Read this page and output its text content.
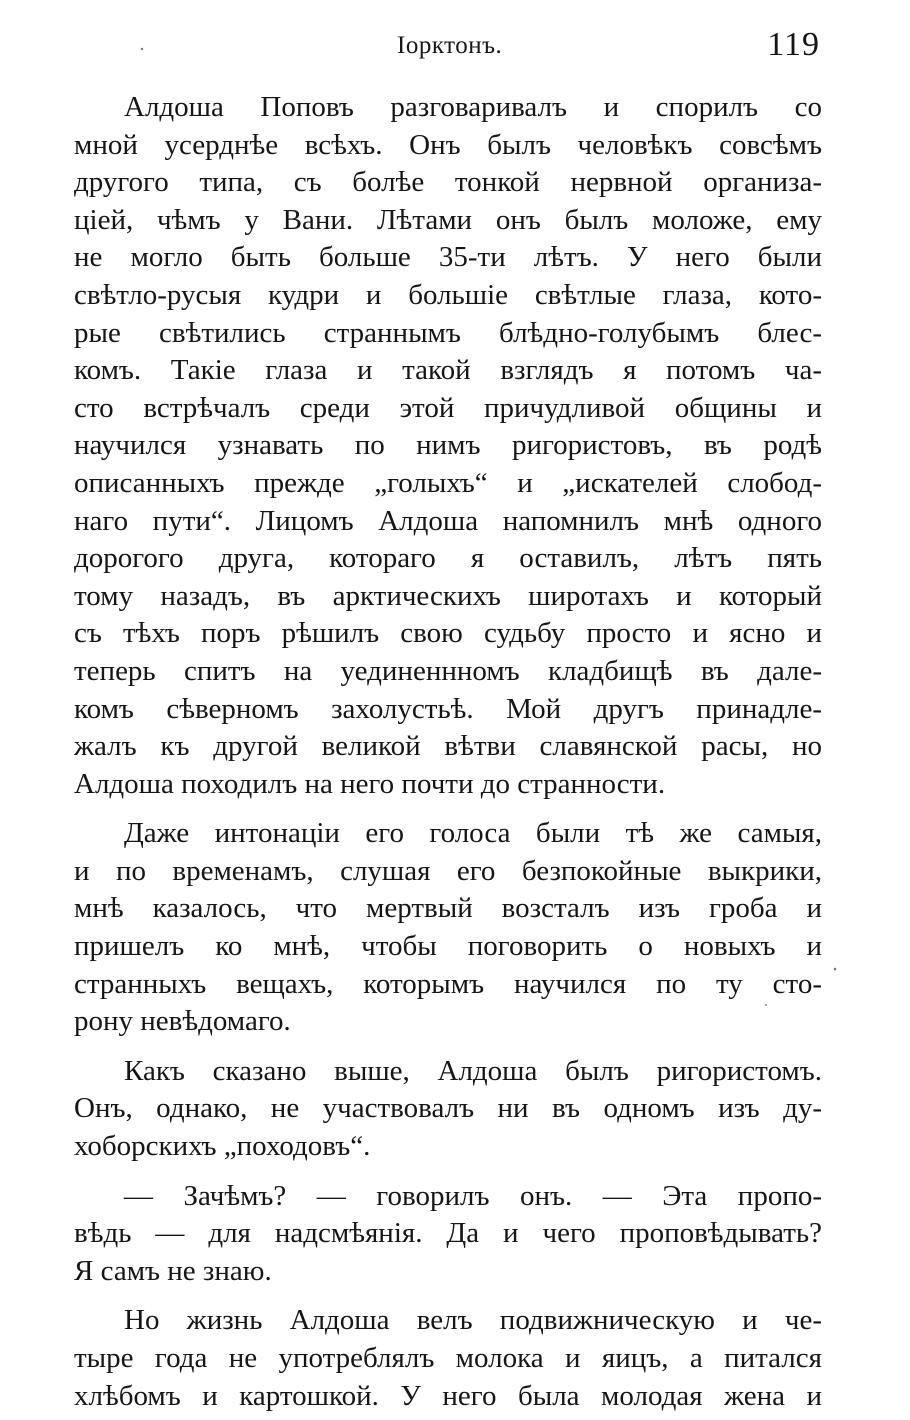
Іорктонъ.	119
Алдоша Поповъ разговаривалъ и спорилъ со
мной усерднѣе всѣхъ. Онъ былъ человѣкъ совсѣмъ
другого типа, съ болѣе тонкой нервной организа-
ціей, чѣмъ у Вани. Лѣтами онъ былъ моложе, ему
не могло быть больше 35-ти лѣтъ. У него были
свѣтло-русыя кудри и большіе свѣтлые глаза, кото-
рые свѣтились страннымъ блѣдно-голубымъ блес-
комъ. Такіе глаза и такой взглядъ я потомъ ча-
сто встрѣчалъ среди этой причудливой общины и
научился узнавать по нимъ ригористовъ, въ родѣ
описанныхъ прежде „голыхъ“ и „искателей слобод-
наго пути“. Лицомъ Алдоша напомнилъ мнѣ одного
дорогого друга, котораго я оставилъ, лѣтъ пять
тому назадъ, въ арктическихъ широтахъ и который
съ тѣхъ поръ рѣшилъ свою судьбу просто и ясно и
теперь спитъ на уединеннномъ кладбищѣ въ дале-
комъ сѣверномъ захолустьѣ. Мой другъ принадле-
жалъ къ другой великой вѣтви славянской расы, но
Алдоша походилъ на него почти до странности.
Даже интонаціи его голоса были тѣ же самыя,
и по временамъ, слушая его безпокойные выкрики,
мнѣ казалось, что мертвый возсталъ изъ гроба и
пришелъ ко мнѣ, чтобы поговорить о новыхъ и
странныхъ вещахъ, которымъ научился по ту сто-
рону невѣдомаго.
Какъ сказано выше, Алдоша былъ ригористомъ.
Онъ, однако, не участвовалъ ни въ одномъ изъ ду-
хоборскихъ „походовъ“.
— Зачѣмъ? — говорилъ онъ. — Эта пропо-
вѣдь — для надсмѣянія. Да и чего проповѣдывать?
Я самъ не знаю.
Но жизнь Алдоша велъ подвижническую и че-
тыре года не употреблялъ молока и яицъ, а питался
хлѣбомъ и картошкой. У него была молодая жена и
